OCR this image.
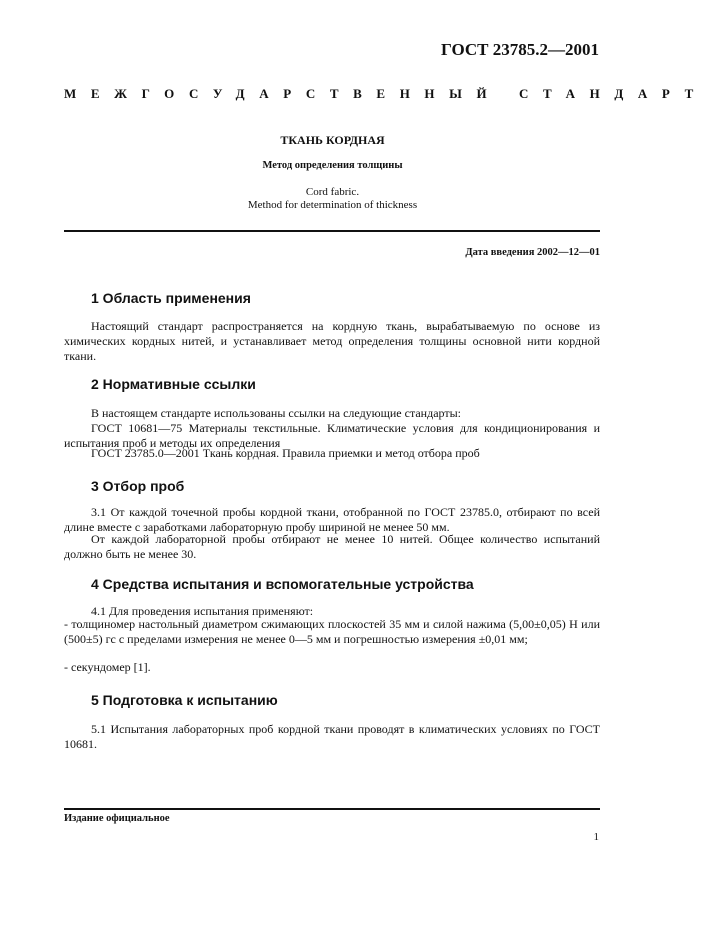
ГОСТ 23785.2—2001
МЕЖГОСУДАРСТВЕННЫЙ СТАНДАРТ
ТКАНЬ КОРДНАЯ
Метод определения толщины
Cord fabric.
Method for determination of thickness
Дата введения 2002—12—01
1 Область применения

Настоящий стандарт распространяется на кордную ткань, вырабатываемую по основе из химических кордных нитей, и устанавливает метод определения толщины основной нити кордной ткани.

2 Нормативные ссылки

В настоящем стандарте использованы ссылки на следующие стандарты:

ГОСТ 10681—75 Материалы текстильные. Климатические условия для кондиционирования и испытания проб и методы их определения

ГОСТ 23785.0—2001 Ткань кордная. Правила приемки и метод отбора проб

3 Отбор проб

3.1 От каждой точечной пробы кордной ткани, отобранной по ГОСТ 23785.0, отбирают по всей длине вместе с заработками лабораторную пробу шириной не менее 50 мм.

От каждой лабораторной пробы отбирают не менее 10 нитей. Общее количество испытаний должно быть не менее 30.

4 Средства испытания и вспомогательные устройства

4.1 Для проведения испытания применяют:

- толщиномер настольный диаметром сжимающих плоскостей 35 мм и силой нажима (5,00±0,05) Н или (500±5) гс с пределами измерения не менее 0—5 мм и погрешностью измерения ±0,01 мм;

- секундомер [1].

5 Подготовка к испытанию

5.1 Испытания лабораторных проб кордной ткани проводят в климатических условиях по ГОСТ 10681.

Издание официальное
1
